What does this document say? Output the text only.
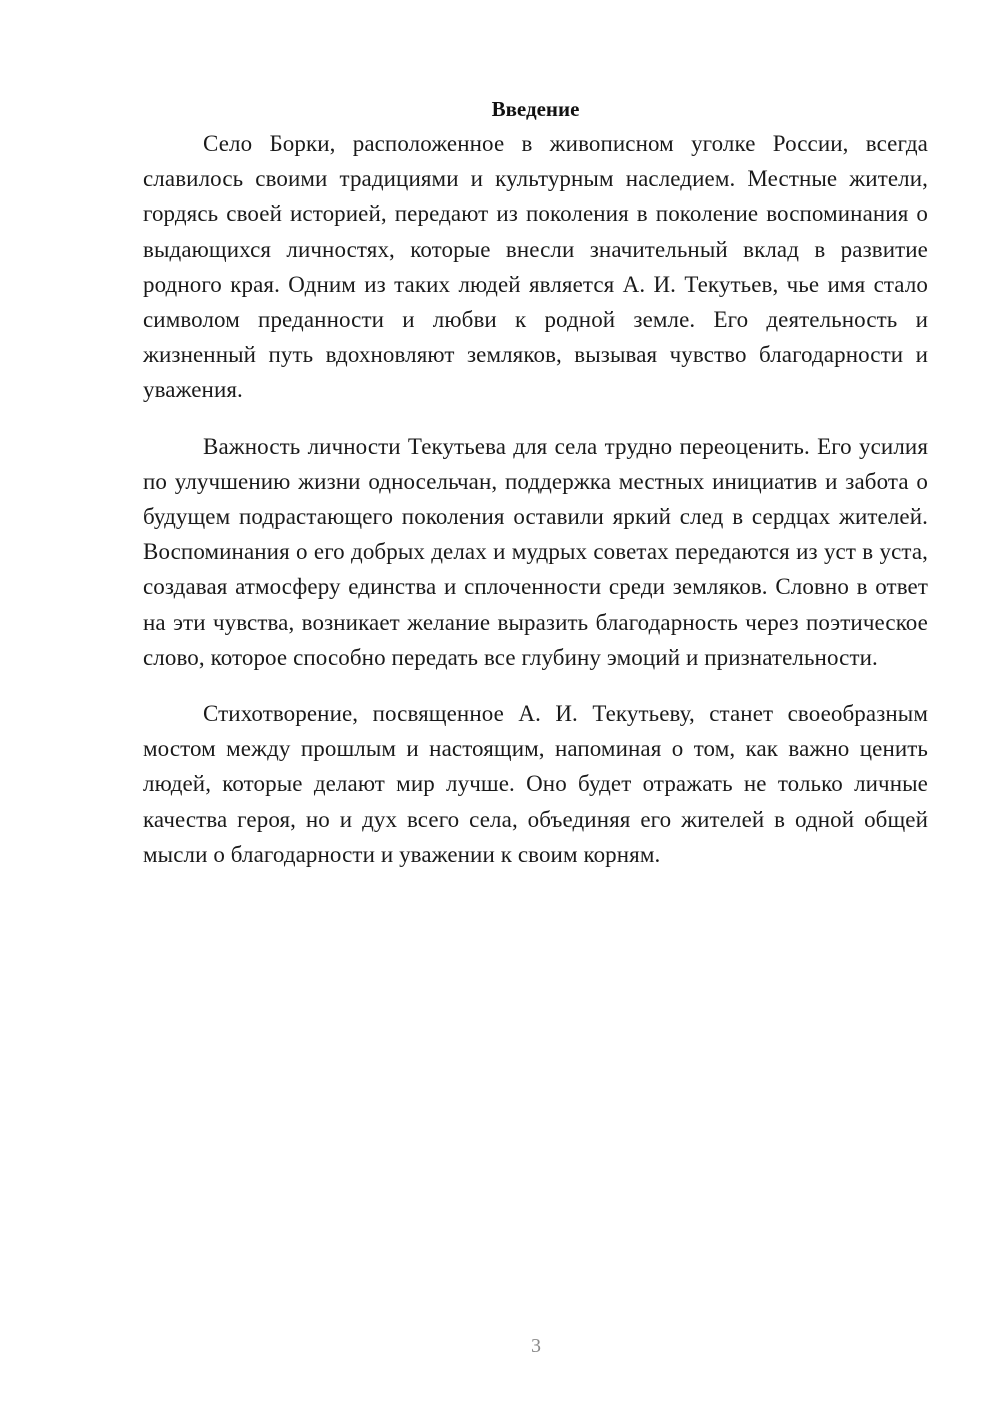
Введение

Село Борки, расположенное в живописном уголке России, всегда славилось своими традициями и культурным наследием. Местные жители, гордясь своей историей, передают из поколения в поколение воспоминания о выдающихся личностях, которые внесли значительный вклад в развитие родного края. Одним из таких людей является А. И. Текутьев, чье имя стало символом преданности и любви к родной земле. Его деятельность и жизненный путь вдохновляют земляков, вызывая чувство благодарности и уважения.

Важность личности Текутьева для села трудно переоценить. Его усилия по улучшению жизни односельчан, поддержка местных инициатив и забота о будущем подрастающего поколения оставили яркий след в сердцах жителей. Воспоминания о его добрых делах и мудрых советах передаются из уст в уста, создавая атмосферу единства и сплоченности среди земляков. Словно в ответ на эти чувства, возникает желание выразить благодарность через поэтическое слово, которое способно передать все глубину эмоций и признательности.

Стихотворение, посвященное А. И. Текутьеву, станет своеобразным мостом между прошлым и настоящим, напоминая о том, как важно ценить людей, которые делают мир лучше. Оно будет отражать не только личные качества героя, но и дух всего села, объединяя его жителей в одной общей мысли о благодарности и уважении к своим корням.

3
